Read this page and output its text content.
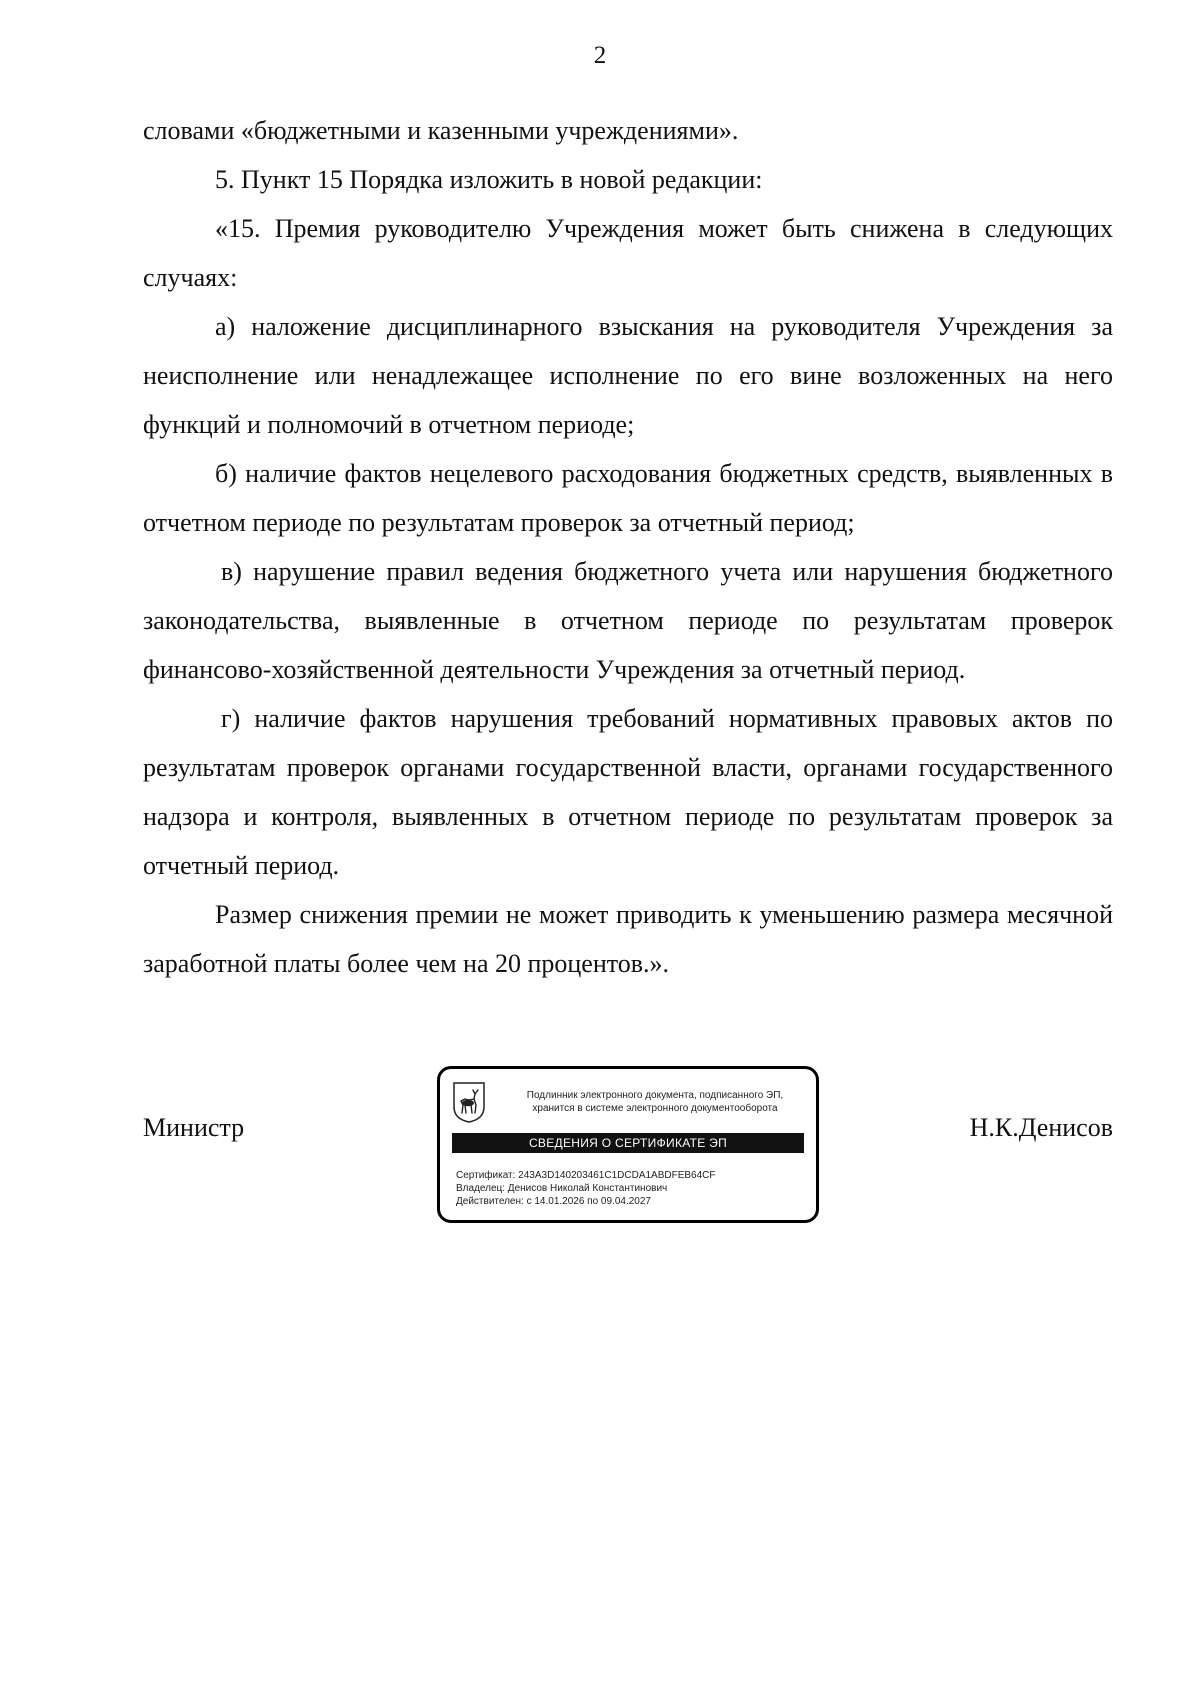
2

словами «бюджетными и казенными учреждениями».

5. Пункт 15 Порядка изложить в новой редакции:

«15. Премия руководителю Учреждения может быть снижена в следующих случаях:

а) наложение дисциплинарного взыскания на руководителя Учреждения за неисполнение или ненадлежащее исполнение по его вине возложенных на него функций и полномочий в отчетном периоде;

б) наличие фактов нецелевого расходования бюджетных средств, выявленных в отчетном периоде по результатам проверок за отчетный период;

в) нарушение правил ведения бюджетного учета или нарушения бюджетного законодательства, выявленные в отчетном периоде по результатам проверок финансово-хозяйственной деятельности Учреждения за отчетный период.

г) наличие фактов нарушения требований нормативных правовых актов по результатам проверок органами государственной власти, органами государственного надзора и контроля, выявленных в отчетном периоде по результатам проверок за отчетный период.

Размер снижения премии не может приводить к уменьшению размера месячной заработной платы более чем на 20 процентов.».

Министр	Н.К.Денисов
Подлинник электронного документа, подписанного ЭП,
хранится в системе электронного документооборота
СВЕДЕНИЯ О СЕРТИФИКАТЕ ЭП
Сертификат: 243A3D140203461C1DCDA1ABDFEB64CF
Владелец: Денисов Николай Константинович
Действителен: с 14.01.2026 по 09.04.2027
